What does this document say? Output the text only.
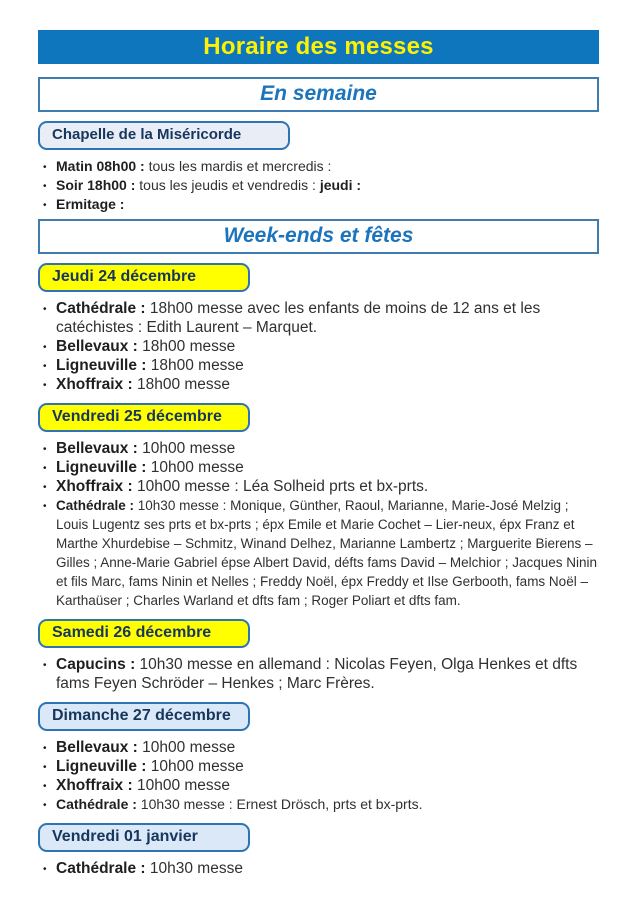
Horaire des messes
En semaine
Chapelle de la Miséricorde
• Matin 08h00 : tous les mardis et mercredis :
• Soir 18h00 : tous les jeudis et vendredis : jeudi :
• Ermitage :
Week-ends et fêtes
Jeudi 24 décembre
• Cathédrale : 18h00 messe avec les enfants de moins de 12 ans et les catéchistes : Edith Laurent – Marquet.
• Bellevaux : 18h00 messe
• Ligneuville : 18h00 messe
• Xhoffraix : 18h00 messe
Vendredi 25 décembre
• Bellevaux : 10h00 messe
• Ligneuville : 10h00 messe
• Xhoffraix : 10h00 messe : Léa Solheid prts et bx-prts.
• Cathédrale : 10h30 messe : Monique, Günther, Raoul, Marianne, Marie-José Melzig ; Louis Lugentz ses prts et bx-prts ; épx Emile et Marie Cochet – Lier-neux, épx Franz et Marthe Xhurdebise – Schmitz, Winand Delhez, Marianne Lambertz ; Marguerite Bierens – Gilles ; Anne-Marie Gabriel épse Albert David, défts fams David – Melchior ; Jacques Ninin et fils Marc, fams Ninin et Nelles ; Freddy Noël, épx Freddy et Ilse Gerbooth, fams Noël – Karthaüser ; Charles Warland et dfts fam ; Roger Poliart et dfts fam.
Samedi 26 décembre
• Capucins : 10h30 messe en allemand : Nicolas Feyen, Olga Henkes et dfts fams Feyen Schröder – Henkes ; Marc Frères.
Dimanche 27 décembre
• Bellevaux : 10h00 messe
• Ligneuville : 10h00 messe
• Xhoffraix : 10h00 messe
• Cathédrale : 10h30 messe : Ernest Drösch, prts et bx-prts.
Vendredi 01 janvier
• Cathédrale : 10h30 messe
